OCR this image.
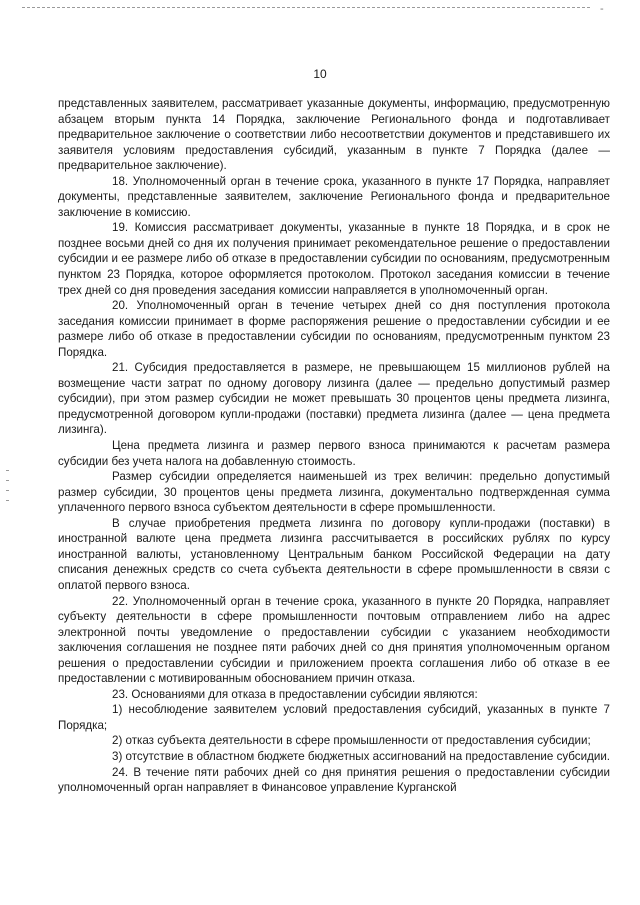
-
10

представленных заявителем, рассматривает указанные документы, информацию, предусмотренную абзацем вторым пункта 14 Порядка, заключение Регионального фонда и подготавливает предварительное заключение о соответствии либо несоответствии документов и представившего их заявителя условиям предоставления субсидий, указанным в пункте 7 Порядка (далее — предварительное заключение).

18. Уполномоченный орган в течение срока, указанного в пункте 17 Порядка, направляет документы, представленные заявителем, заключение Регионального фонда и предварительное заключение в комиссию.

19. Комиссия рассматривает документы, указанные в пункте 18 Порядка, и в срок не позднее восьми дней со дня их получения принимает рекомендательное решение о предоставлении субсидии и ее размере либо об отказе в предоставлении субсидии по основаниям, предусмотренным пунктом 23 Порядка, которое оформляется протоколом. Протокол заседания комиссии в течение трех дней со дня проведения заседания комиссии направляется в уполномоченный орган.

20. Уполномоченный орган в течение четырех дней со дня поступления протокола заседания комиссии принимает в форме распоряжения решение о предоставлении субсидии и ее размере либо об отказе в предоставлении субсидии по основаниям, предусмотренным пунктом 23 Порядка.

21. Субсидия предоставляется в размере, не превышающем 15 миллионов рублей на возмещение части затрат по одному договору лизинга (далее — предельно допустимый размер субсидии), при этом размер субсидии не может превышать 30 процентов цены предмета лизинга, предусмотренной договором купли-продажи (поставки) предмета лизинга (далее — цена предмета лизинга).

Цена предмета лизинга и размер первого взноса принимаются к расчетам размера субсидии без учета налога на добавленную стоимость.

Размер субсидии определяется наименьшей из трех величин: предельно допустимый размер субсидии, 30 процентов цены предмета лизинга, документально подтвержденная сумма уплаченного первого взноса субъектом деятельности в сфере промышленности.

В случае приобретения предмета лизинга по договору купли-продажи (поставки) в иностранной валюте цена предмета лизинга рассчитывается в российских рублях по курсу иностранной валюты, установленному Центральным банком Российской Федерации на дату списания денежных средств со счета субъекта деятельности в сфере промышленности в связи с оплатой первого взноса.

22. Уполномоченный орган в течение срока, указанного в пункте 20 Порядка, направляет субъекту деятельности в сфере промышленности почтовым отправлением либо на адрес электронной почты уведомление о предоставлении субсидии с указанием необходимости заключения соглашения не позднее пяти рабочих дней со дня принятия уполномоченным органом решения о предоставлении субсидии и приложением проекта соглашения либо об отказе в ее предоставлении с мотивированным обоснованием причин отказа.

23. Основаниями для отказа в предоставлении субсидии являются:

1) несоблюдение заявителем условий предоставления субсидий, указанных в пункте 7 Порядка;

2) отказ субъекта деятельности в сфере промышленности от предоставления субсидии;

3) отсутствие в областном бюджете бюджетных ассигнований на предоставление субсидии.

24. В течение пяти рабочих дней со дня принятия решения о предоставлении субсидии уполномоченный орган направляет в Финансовое управление Курганской
